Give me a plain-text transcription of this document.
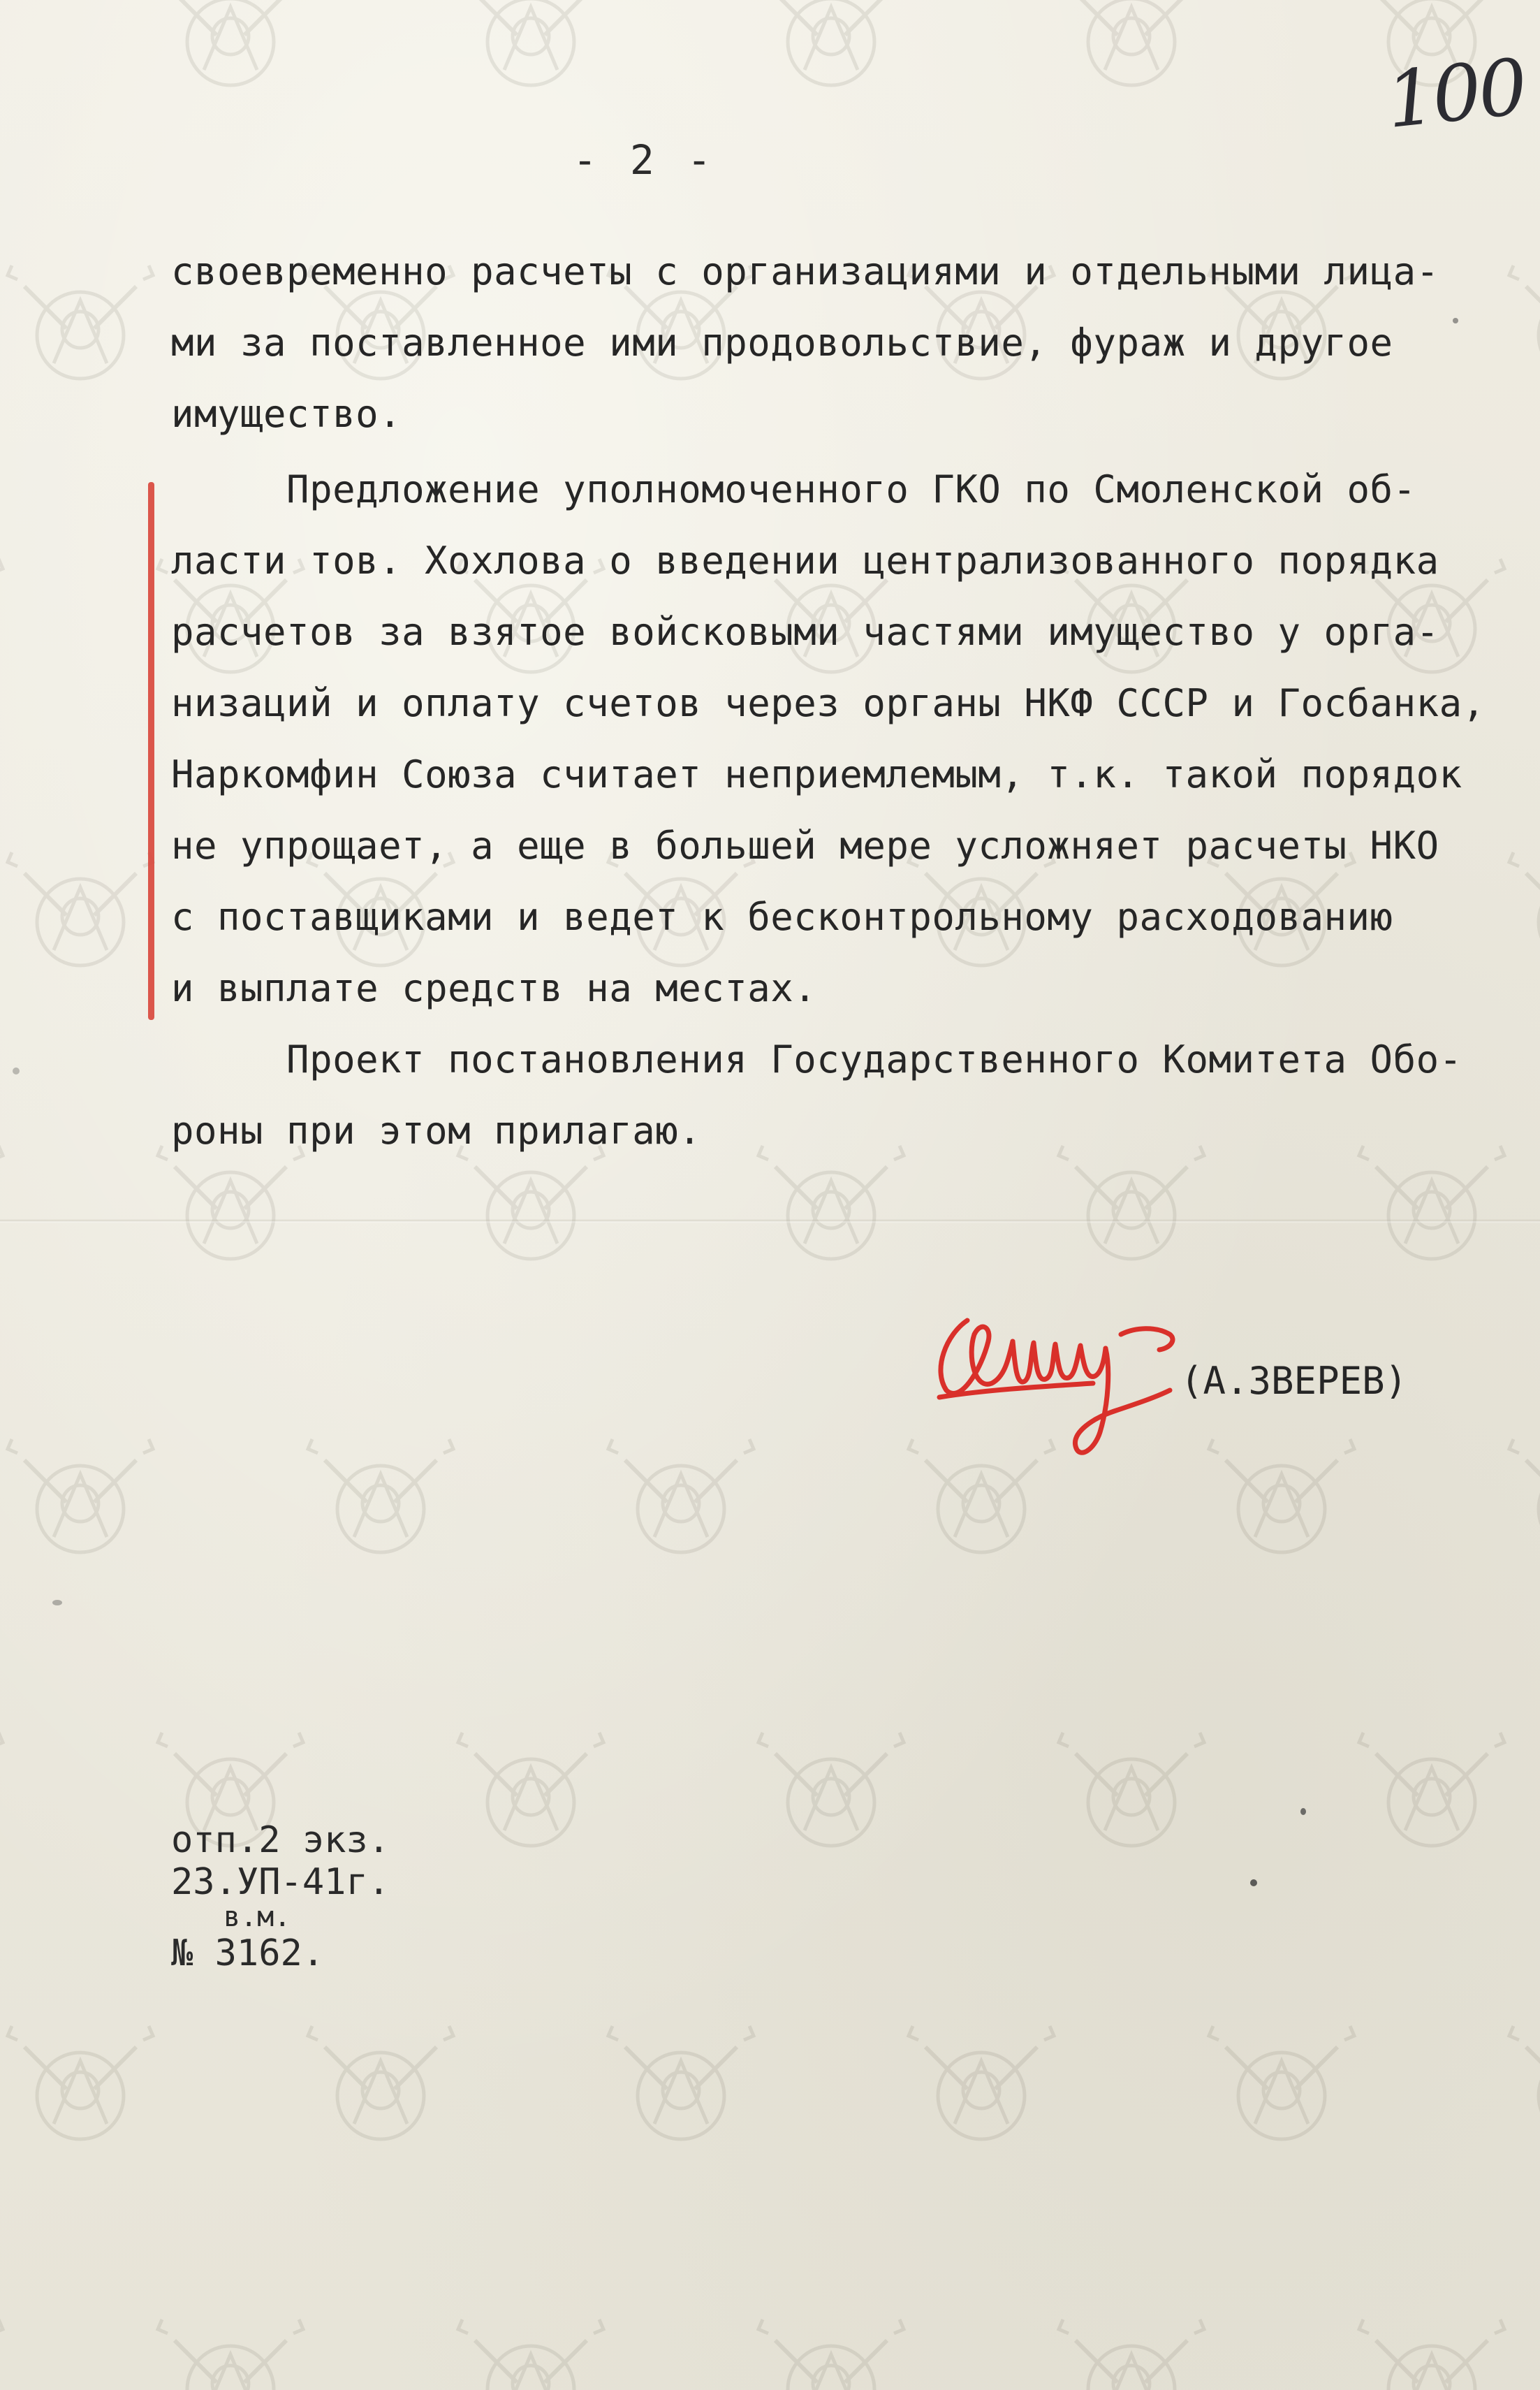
100
- 2 -
своевременно расчеты с организациями и отдельными лица-
ми за поставленное ими продовольствие, фураж и другое
имущество.
Предложение уполномоченного ГКО по Смоленской об-
ласти тов. Хохлова о введении централизованного порядка
расчетов за взятое войсковыми частями имущество у орга-
низаций и оплату счетов через органы НКФ СССР и Госбанка,
Наркомфин Союза считает неприемлемым, т.к. такой порядок
не упрощает, а еще в большей мере усложняет расчеты НКО
с поставщиками и ведет к бесконтрольному расходованию
и выплате средств на местах.
Проект постановления Государственного Комитета Обо-
роны при этом прилагаю.
(А.ЗВЕРЕВ)
отп.2 экз.
23.УП-41г.
в.м.
№ 3162.
